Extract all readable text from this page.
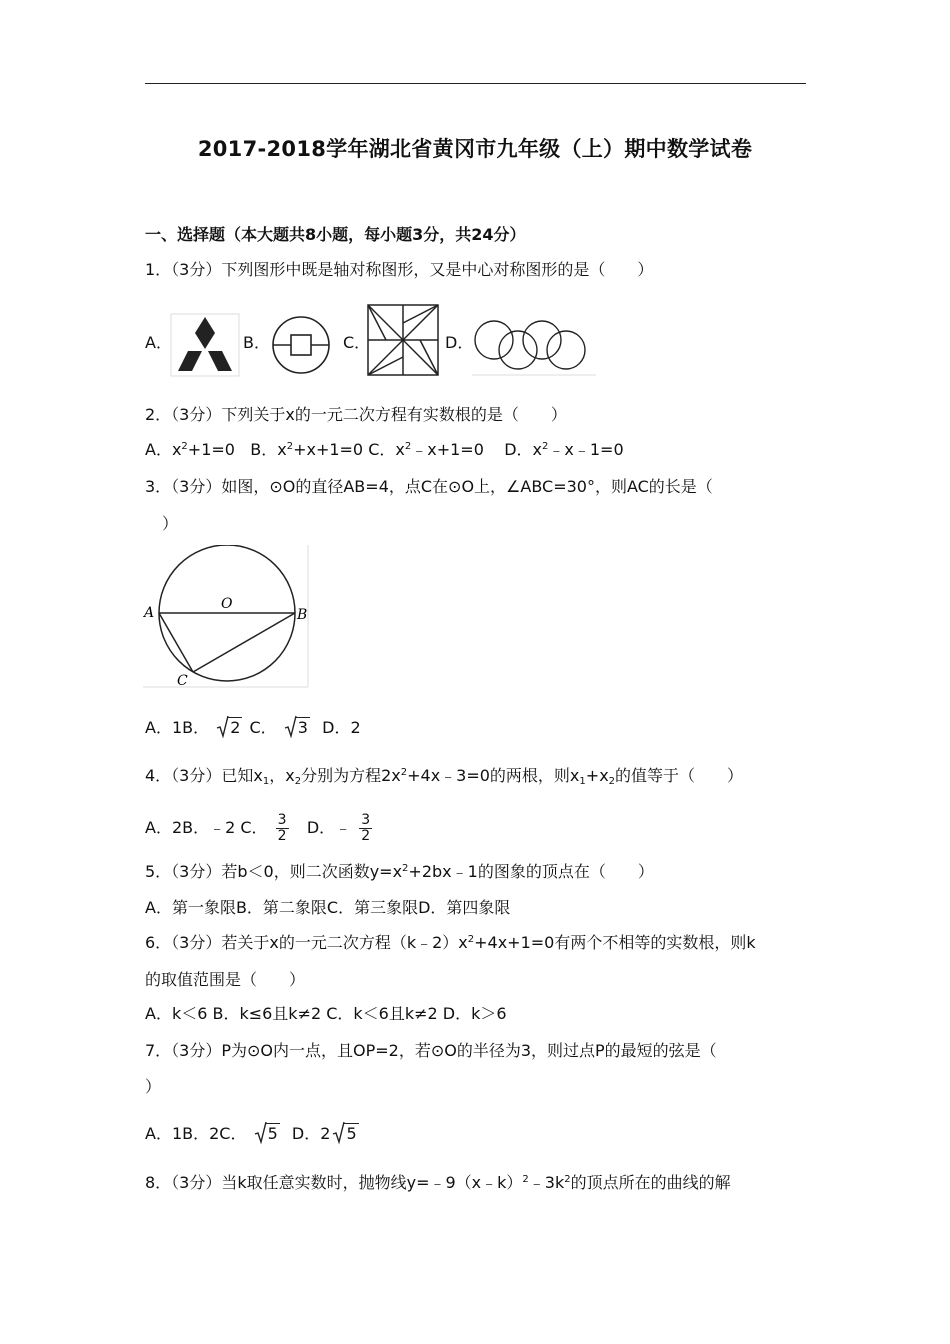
2017-2018学年湖北省黄冈市九年级（上）期中数学试卷
一、选择题（本大题共8小题，每小题3分，共24分）
1．（3分）下列图形中既是轴对称图形，又是中心对称图形的是（　　）
A．	B．	C．	D．
2．（3分）下列关于x的一元二次方程有实数根的是（　　）
A．$x^2+1=0$ B．$x^2+x+1=0$ C．$x^2﹣x+1=0$ D．$x^2﹣x﹣1=0$
3．（3分）如图，⊙O的直径AB=4，点C在⊙O上，∠ABC=30°，则AC的长是（
）
A
O
B
C
A．1B． 2 C． 3 D．2
4．（3分）已知$x_1$，$x_2$分别为方程$2x^2+4x﹣3=0$的两根，则$x_1+x_2$的值等于（　　）
A．2B．﹣2 C． $\frac{3}{2}$ D．﹣ $\frac{3}{2}$
5．（3分）若b＜0，则二次函数$y=x^2+2bx﹣1$的图象的顶点在（　　）
A．第一象限B．第二象限C．第三象限D．第四象限
6．（3分）若关于x的一元二次方程$(k﹣2)x^2+4x+1=0$有两个不相等的实数根，则k
的取值范围是（　　）
A．k＜6 B．k≤6且k≠2 C．k＜6且k≠2 D．k＞6
7．（3分）P为⊙O内一点，且OP=2，若⊙O的半径为3，则过点P的最短的弦是（
）
A．1B．2C． 5 D．2 5
8．（3分）当k取任意实数时，抛物线$y=﹣9(x﹣k)^2﹣3k^2$的顶点所在的曲线的解
